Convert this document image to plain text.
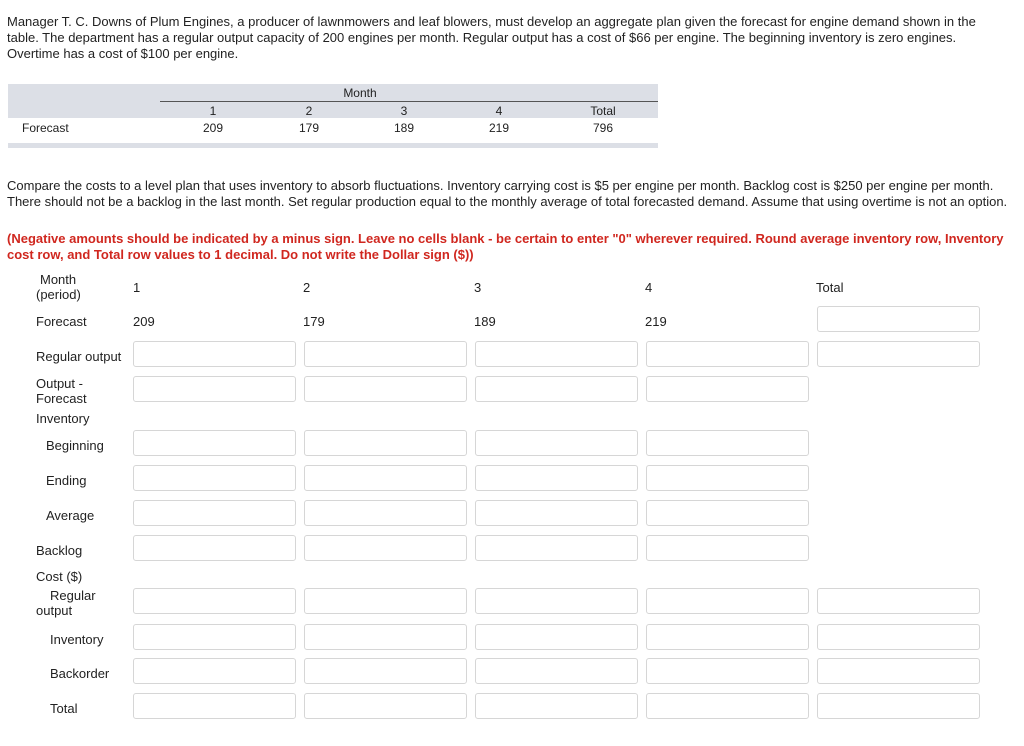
Manager T. C. Downs of Plum Engines, a producer of lawnmowers and leaf blowers, must develop an aggregate plan given the forecast for engine demand shown in the table. The department has a regular output capacity of 200 engines per month. Regular output has a cost of $66 per engine. The beginning inventory is zero engines. Overtime has a cost of $100 per engine.
Month
1	2	3	4	Total
Forecast	209	179	189	219	796
Compare the costs to a level plan that uses inventory to absorb fluctuations. Inventory carrying cost is $5 per engine per month. Backlog cost is $250 per engine per month. There should not be a backlog in the last month. Set regular production equal to the monthly average of total forecasted demand. Assume that using overtime is not an option.
(Negative amounts should be indicated by a minus sign. Leave no cells blank - be certain to enter "0" wherever required. Round average inventory row, Inventory cost row, and Total row values to 1 decimal. Do not write the Dollar sign ($))
Month
(period)	1	2	3	4	Total
Forecast	209	179	189	219
Regular output
Output -
Forecast
Inventory
Beginning
Ending
Average
Backlog
Cost ($)
Regular
output
Inventory
Backorder
Total
